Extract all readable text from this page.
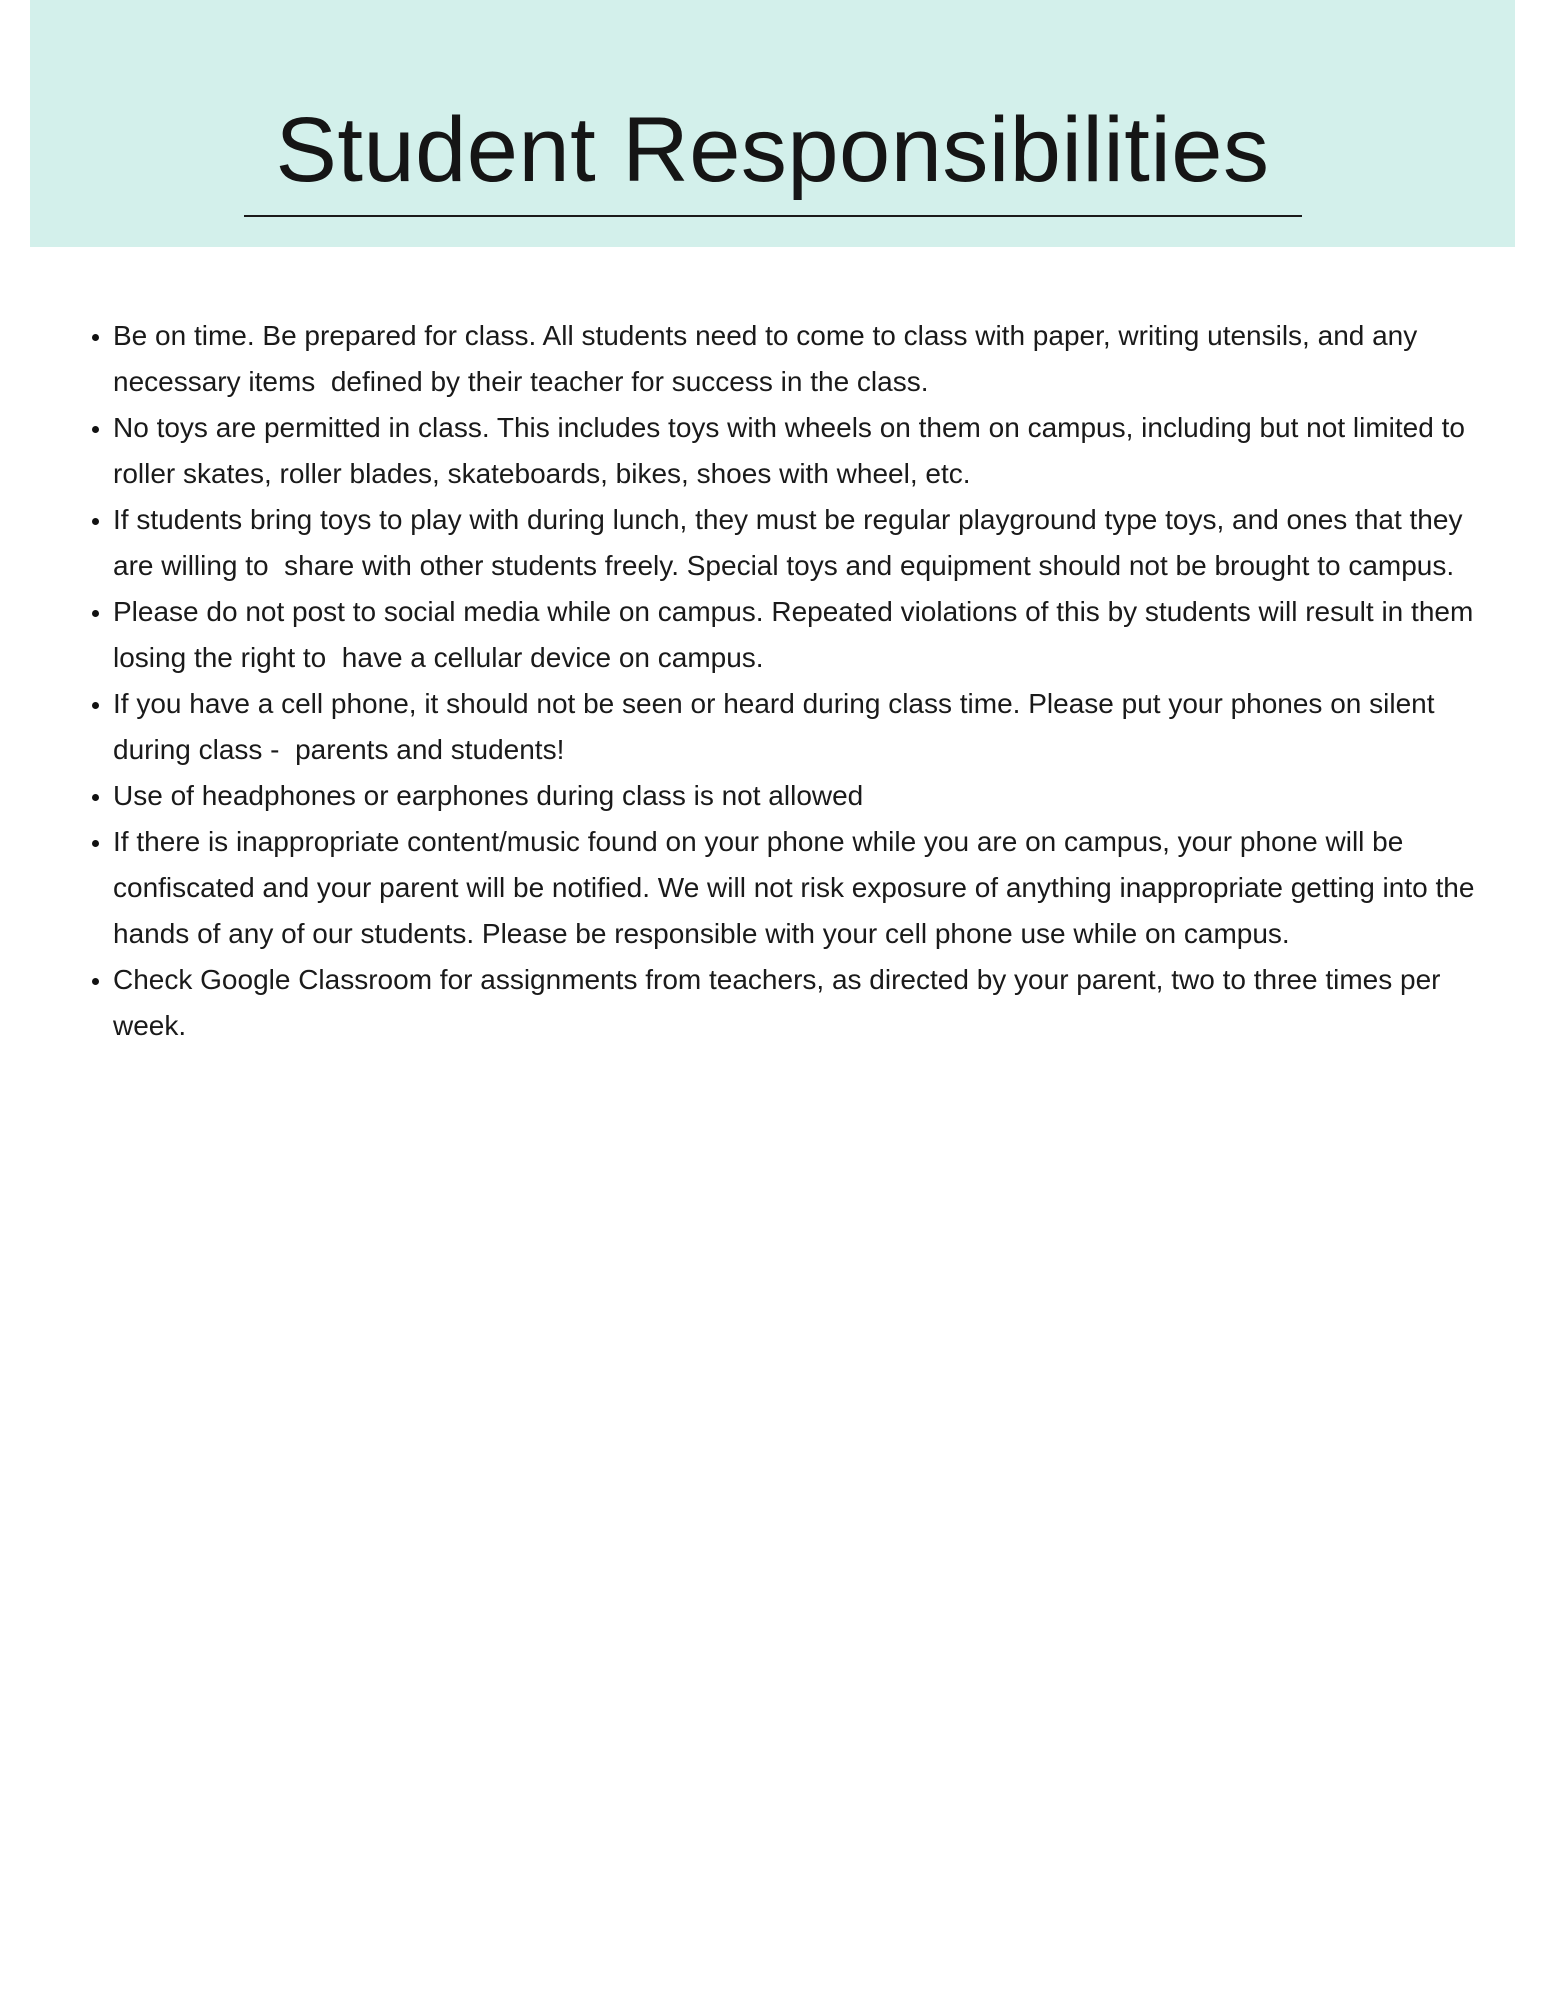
Student Responsibilities
• Be on time. Be prepared for class. All students need to come to class with paper, writing utensils, and any necessary items  defined by their teacher for success in the class.
• No toys are permitted in class. This includes toys with wheels on them on campus, including but not limited to roller skates, roller blades, skateboards, bikes, shoes with wheel, etc.
• If students bring toys to play with during lunch, they must be regular playground type toys, and ones that they are willing to  share with other students freely. Special toys and equipment should not be brought to campus.
• Please do not post to social media while on campus. Repeated violations of this by students will result in them losing the right to  have a cellular device on campus.
• If you have a cell phone, it should not be seen or heard during class time. Please put your phones on silent during class -  parents and students!
• Use of headphones or earphones during class is not allowed
• If there is inappropriate content/music found on your phone while you are on campus, your phone will be confiscated and your parent will be notified. We will not risk exposure of anything inappropriate getting into the hands of any of our students. Please be responsible with your cell phone use while on campus.
• Check Google Classroom for assignments from teachers, as directed by your parent, two to three times per week.
